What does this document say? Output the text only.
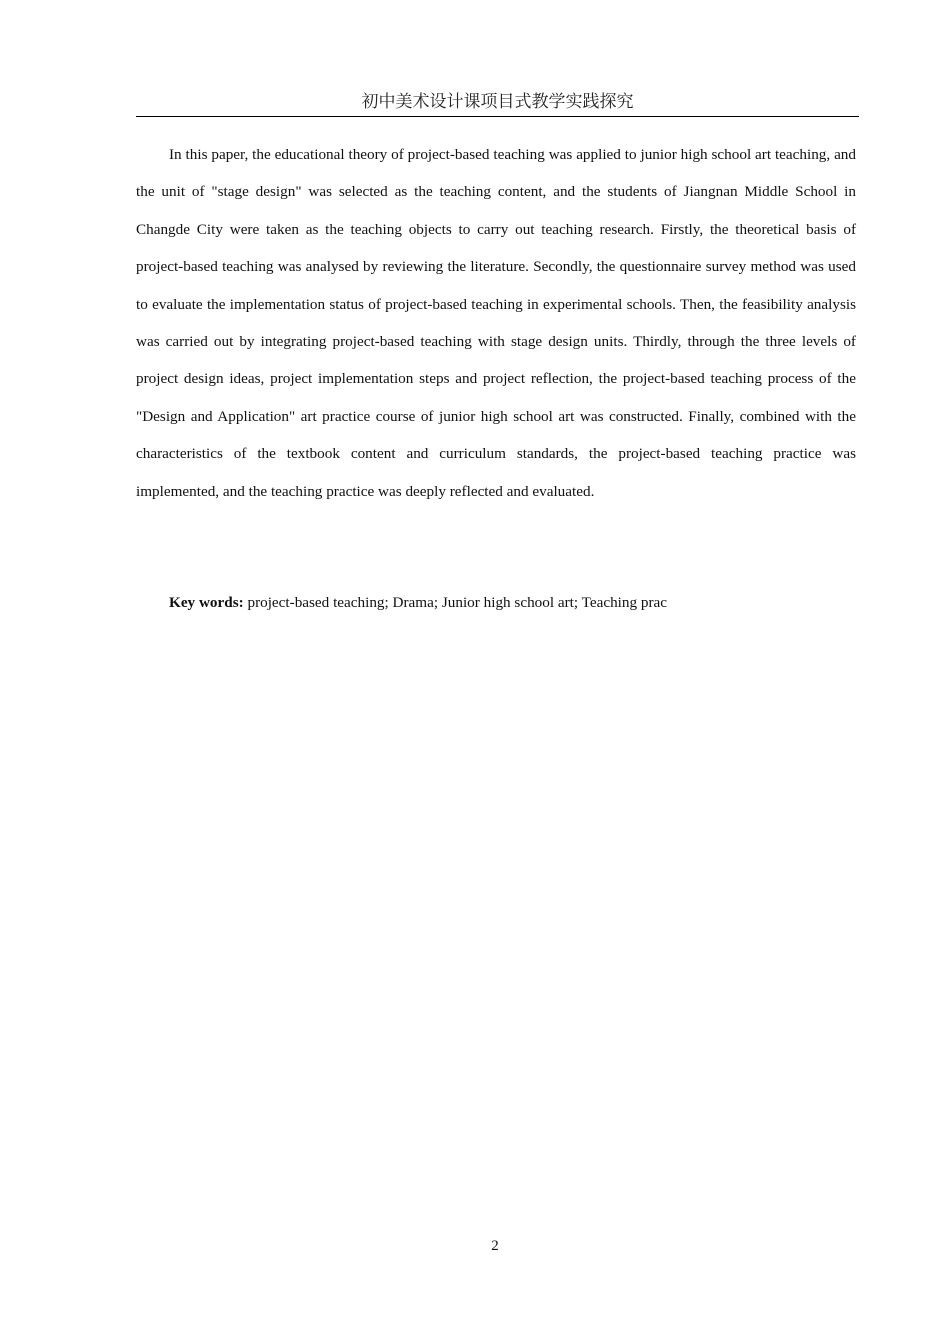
初中美术设计课项目式教学实践探究

In this paper, the educational theory of project-based teaching was applied to junior high school art teaching, and the unit of "stage design" was selected as the teaching content, and the students of Jiangnan Middle School in Changde City were taken as the teaching objects to carry out teaching research. Firstly, the theoretical basis of project-based teaching was analysed by reviewing the literature. Secondly, the questionnaire survey method was used to evaluate the implementation status of project-based teaching in experimental schools. Then, the feasibility analysis was carried out by integrating project-based teaching with stage design units. Thirdly, through the three levels of project design ideas, project implementation steps and project reflection, the project-based teaching process of the "Design and Application" art practice course of junior high school art was constructed. Finally, combined with the characteristics of the textbook content and curriculum standards, the project-based teaching practice was implemented, and the teaching practice was deeply reflected and evaluated.

Key words: project-based teaching; Drama; Junior high school art; Teaching prac

2
